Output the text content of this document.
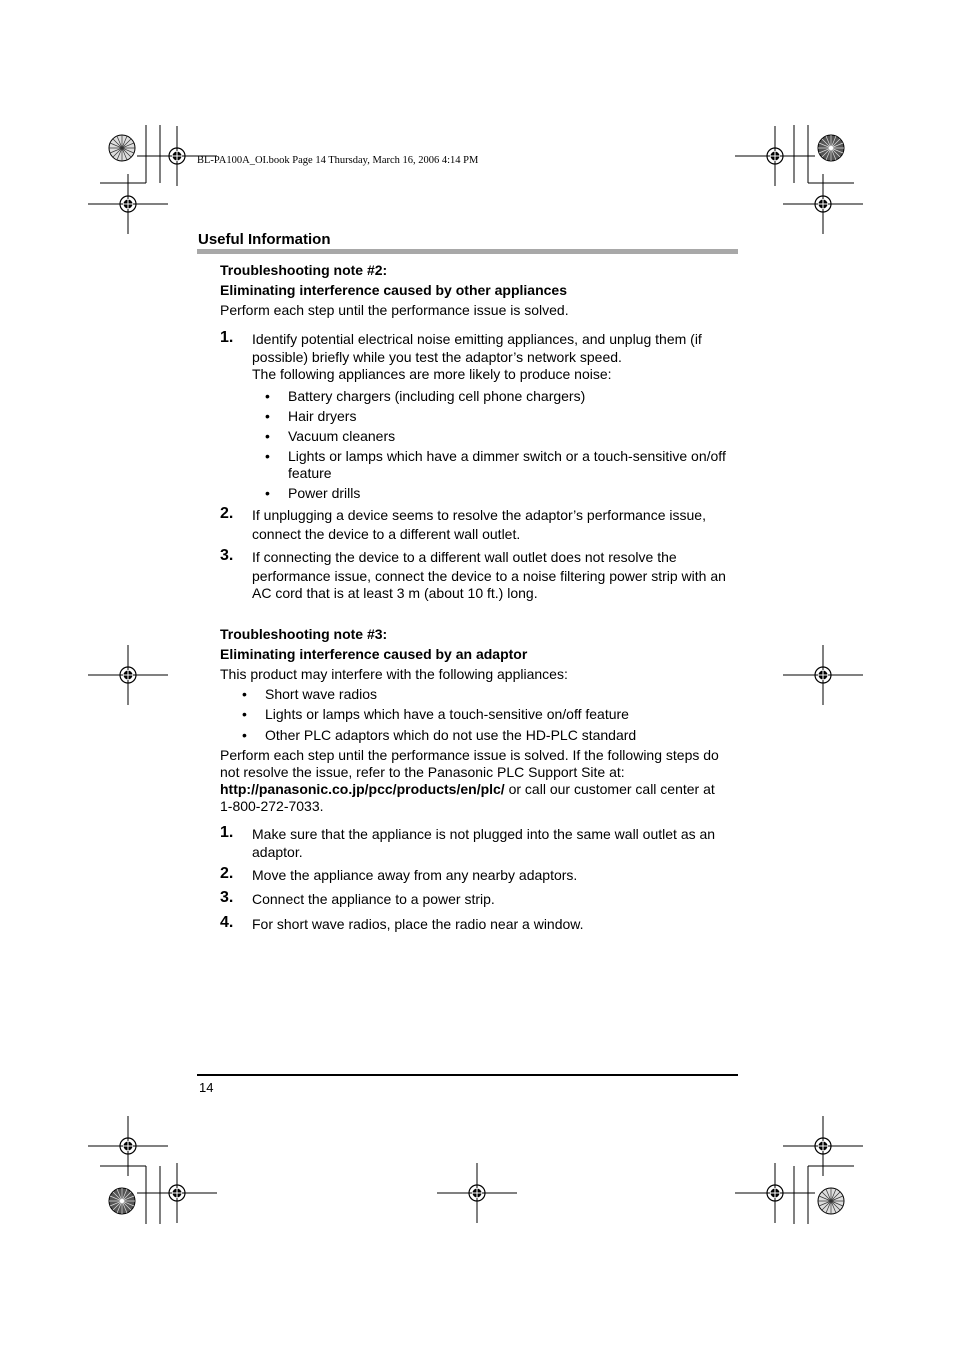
BL-PA100A_OI.book Page 14 Thursday, March 16, 2006 4:14 PM
Useful Information
Troubleshooting note #2:
Eliminating interference caused by other appliances
Perform each step until the performance issue is solved.
1. Identify potential electrical noise emitting appliances, and unplug them (if
possible) briefly while you test the adaptor’s network speed.
The following appliances are more likely to produce noise:
• Battery chargers (including cell phone chargers)
• Hair dryers
• Vacuum cleaners
• Lights or lamps which have a dimmer switch or a touch-sensitive on/off
feature
• Power drills
2. If unplugging a device seems to resolve the adaptor’s performance issue,
connect the device to a different wall outlet.
3. If connecting the device to a different wall outlet does not resolve the
performance issue, connect the device to a noise filtering power strip with an
AC cord that is at least 3 m (about 10 ft.) long.
Troubleshooting note #3:
Eliminating interference caused by an adaptor
This product may interfere with the following appliances:
• Short wave radios
• Lights or lamps which have a touch-sensitive on/off feature
• Other PLC adaptors which do not use the HD-PLC standard
Perform each step until the performance issue is solved. If the following steps do
not resolve the issue, refer to the Panasonic PLC Support Site at:
http://panasonic.co.jp/pcc/products/en/plc/ or call our customer call center at
1-800-272-7033.
1. Make sure that the appliance is not plugged into the same wall outlet as an
adaptor.
2. Move the appliance away from any nearby adaptors.
3. Connect the appliance to a power strip.
4. For short wave radios, place the radio near a window.
14
